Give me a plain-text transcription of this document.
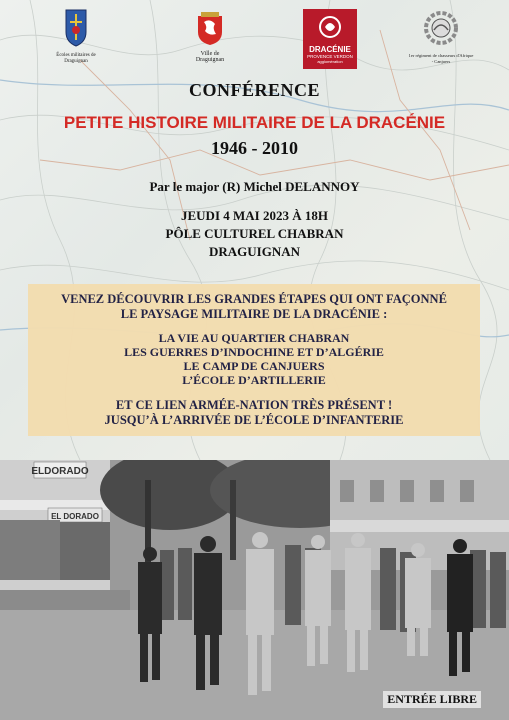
Écoles militaires de Draguignan
Ville de Draguignan
DRACÉNIE
PROVENCE VERDON
agglomération
1er régiment de chasseurs d'Afrique - Canjuers
CONFÉRENCE
PETITE HISTOIRE MILITAIRE DE LA DRACÉNIE
1946 - 2010
Par le major (R) Michel DELANNOY
JEUDI 4 MAI 2023 À 18H
PÔLE CULTUREL CHABRAN
DRAGUIGNAN
VENEZ DÉCOUVRIR LES GRANDES ÉTAPES QUI ONT FAÇONNÉ
LE PAYSAGE MILITAIRE DE LA DRACÉNIE :
LA VIE AU QUARTIER CHABRAN
LES GUERRES D’INDOCHINE ET D’ALGÉRIE
LE CAMP DE CANJUERS
L’ÉCOLE D’ARTILLERIE
ET CE LIEN ARMÉE-NATION TRÈS PRÉSENT !
JUSQU’À L’ARRIVÉE DE L’ÉCOLE D’INFANTERIE
ELDORADO
EL DORADO
ENTRÉE LIBRE
